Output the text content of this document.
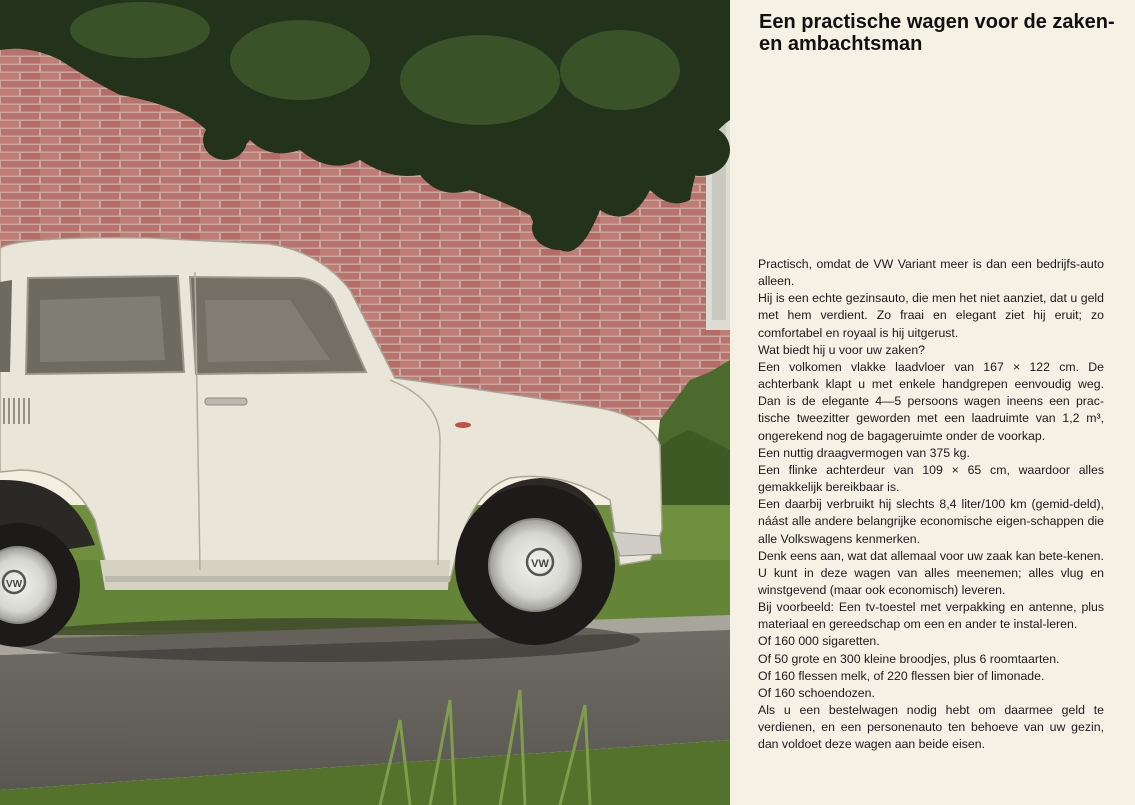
VW
VW
Een practische wagen voor de zaken- en ambachtsman

Practisch, omdat de VW Variant meer is dan een bedrijfs-auto alleen.

Hij is een echte gezinsauto, die men het niet aanziet, dat u geld met hem verdient. Zo fraai en elegant ziet hij eruit; zo comfortabel en royaal is hij uitgerust.

Wat biedt hij u voor uw zaken?

Een volkomen vlakke laadvloer van 167 × 122 cm. De achterbank klapt u met enkele handgrepen eenvoudig weg. Dan is de elegante 4—5 persoons wagen ineens een prac-tische tweezitter geworden met een laadruimte van 1,2 m³, ongerekend nog de bagageruimte onder de voorkap.

Een nuttig draagvermogen van 375 kg.

Een flinke achterdeur van 109 × 65 cm, waardoor alles gemakkelijk bereikbaar is.

Een daarbij verbruikt hij slechts 8,4 liter/100 km (gemid-deld), náást alle andere belangrijke economische eigen-schappen die alle Volkswagens kenmerken.

Denk eens aan, wat dat allemaal voor uw zaak kan bete-kenen.

U kunt in deze wagen van alles meenemen; alles vlug en winstgevend (maar ook economisch) leveren.

Bij voorbeeld: Een tv-toestel met verpakking en antenne, plus materiaal en gereedschap om een en ander te instal-leren.

Of 160 000 sigaretten.

Of 50 grote en 300 kleine broodjes, plus 6 roomtaarten.

Of 160 flessen melk, of 220 flessen bier of limonade.

Of 160 schoendozen.

Als u een bestelwagen nodig hebt om daarmee geld te verdienen, en een personenauto ten behoeve van uw gezin, dan voldoet deze wagen aan beide eisen.
